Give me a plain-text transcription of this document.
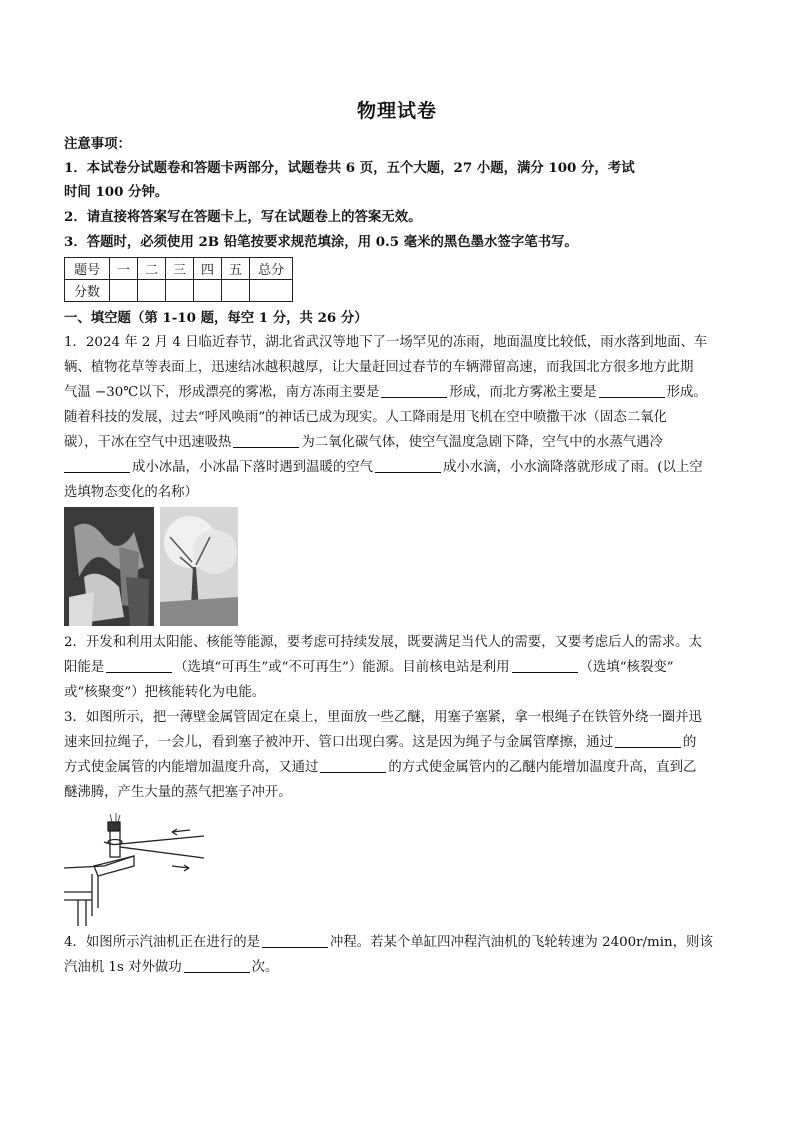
物理试卷
注意事项：
1．本试卷分试题卷和答题卡两部分，试题卷共 6 页，五个大题，27 小题，满分 100 分，考试
时间 100 分钟。
2．请直接将答案写在答题卡上，写在试题卷上的答案无效。
3．答题时，必须使用 2B 铅笔按要求规范填涂，用 0.5 毫米的黑色墨水签字笔书写。
题号	一	二	三	四	五	总分
分数						
一、填空题（第 1-10 题，每空 1 分，共 26 分）
1．2024 年 2 月 4 日临近春节，湖北省武汉等地下了一场罕见的冻雨，地面温度比较低，雨水落到地面、车
辆、植物花草等表面上，迅速结冰越积越厚，让大量赶回过春节的车辆滞留高速，而我国北方很多地方此期
气温 −30℃以下，形成漂亮的雾凇，南方冻雨主要是	形成，而北方雾凇主要是	形成。
随着科技的发展，过去“呼风唤雨”的神话已成为现实。人工降雨是用飞机在空中喷撒干冰（固态二氧化
碳），干冰在空气中迅速吸热	为二氧化碳气体，使空气温度急剧下降，空气中的水蒸气遇冷
成小冰晶，小冰晶下落时遇到温暖的空气	成小水滴，小水滴降落就形成了雨。(以上空
选填物态变化的名称）
2．开发和利用太阳能、核能等能源，要考虑可持续发展，既要满足当代人的需要，又要考虑后人的需求。太
阳能是	（选填“可再生”或“不可再生”）能源。目前核电站是利用	（选填“核裂变”
或“核聚变”）把核能转化为电能。
3．如图所示，把一薄壁金属管固定在桌上，里面放一些乙醚，用塞子塞紧，拿一根绳子在铁管外绕一圈并迅
速来回拉绳子，一会儿，看到塞子被冲开、管口出现白雾。这是因为绳子与金属管摩擦，通过	的
方式使金属管的内能增加温度升高，又通过	的方式使金属管内的乙醚内能增加温度升高，直到乙
醚沸腾，产生大量的蒸气把塞子冲开。
4．如图所示汽油机正在进行的是	冲程。若某个单缸四冲程汽油机的飞轮转速为 2400r/min，则该
汽油机 1s 对外做功	次。
